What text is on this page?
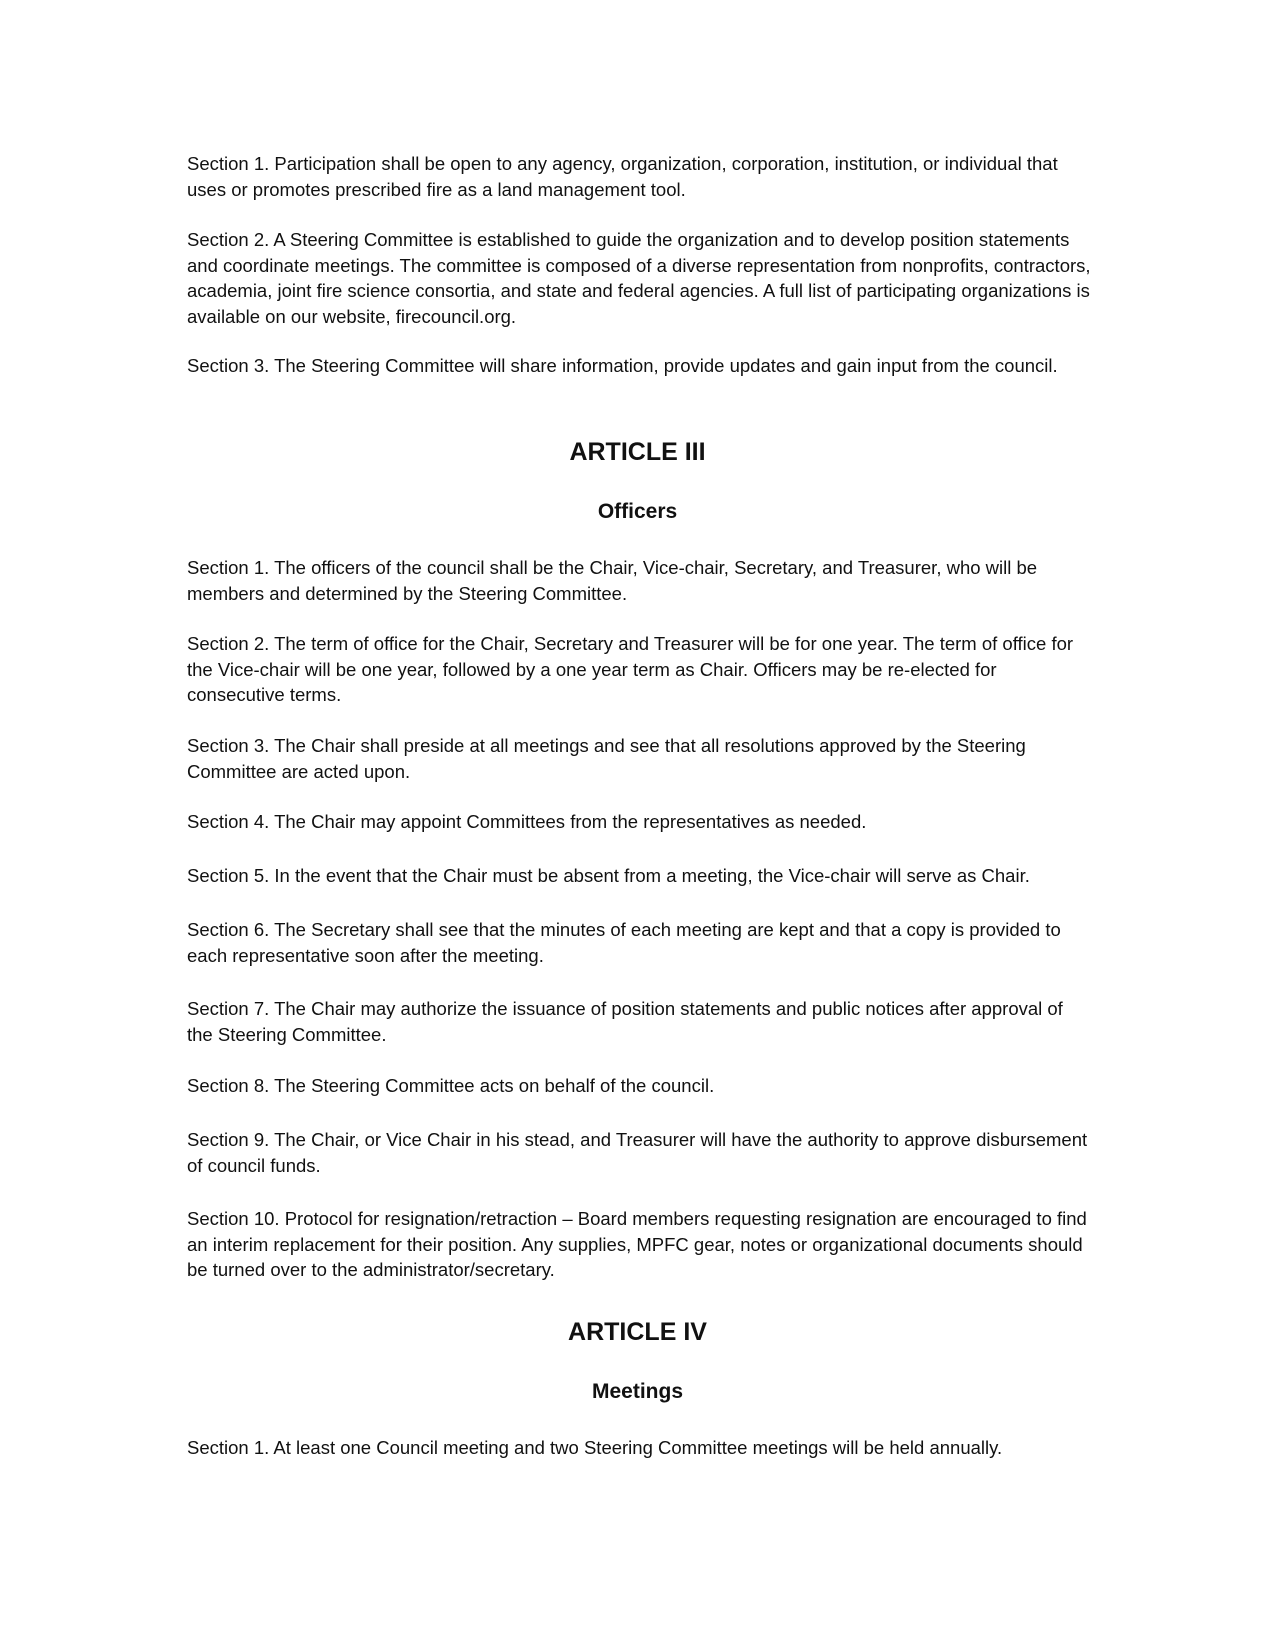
Section 1. Participation shall be open to any agency, organization, corporation, institution, or individual that uses or promotes prescribed fire as a land management tool.

Section 2. A Steering Committee is established to guide the organization and to develop position statements and coordinate meetings. The committee is composed of a diverse representation from nonprofits, contractors, academia, joint fire science consortia, and state and federal agencies. A full list of participating organizations is available on our website, firecouncil.org.

Section 3. The Steering Committee will share information, provide updates and gain input from the council.

ARTICLE III
Officers

Section 1. The officers of the council shall be the Chair, Vice-chair, Secretary, and Treasurer, who will be members and determined by the Steering Committee.

Section 2. The term of office for the Chair, Secretary and Treasurer will be for one year. The term of office for the Vice-chair will be one year, followed by a one year term as Chair. Officers may be re-elected for consecutive terms.

Section 3. The Chair shall preside at all meetings and see that all resolutions approved by the Steering Committee are acted upon.

Section 4. The Chair may appoint Committees from the representatives as needed.

Section 5. In the event that the Chair must be absent from a meeting, the Vice-chair will serve as Chair.

Section 6. The Secretary shall see that the minutes of each meeting are kept and that a copy is provided to each representative soon after the meeting.

Section 7. The Chair may authorize the issuance of position statements and public notices after approval of the Steering Committee.

Section 8. The Steering Committee acts on behalf of the council.

Section 9. The Chair, or Vice Chair in his stead, and Treasurer will have the authority to approve disbursement of council funds.

Section 10. Protocol for resignation/retraction – Board members requesting resignation are encouraged to find an interim replacement for their position. Any supplies, MPFC gear, notes or organizational documents should be turned over to the administrator/secretary.

ARTICLE IV
Meetings

Section 1. At least one Council meeting and two Steering Committee meetings will be held annually.
